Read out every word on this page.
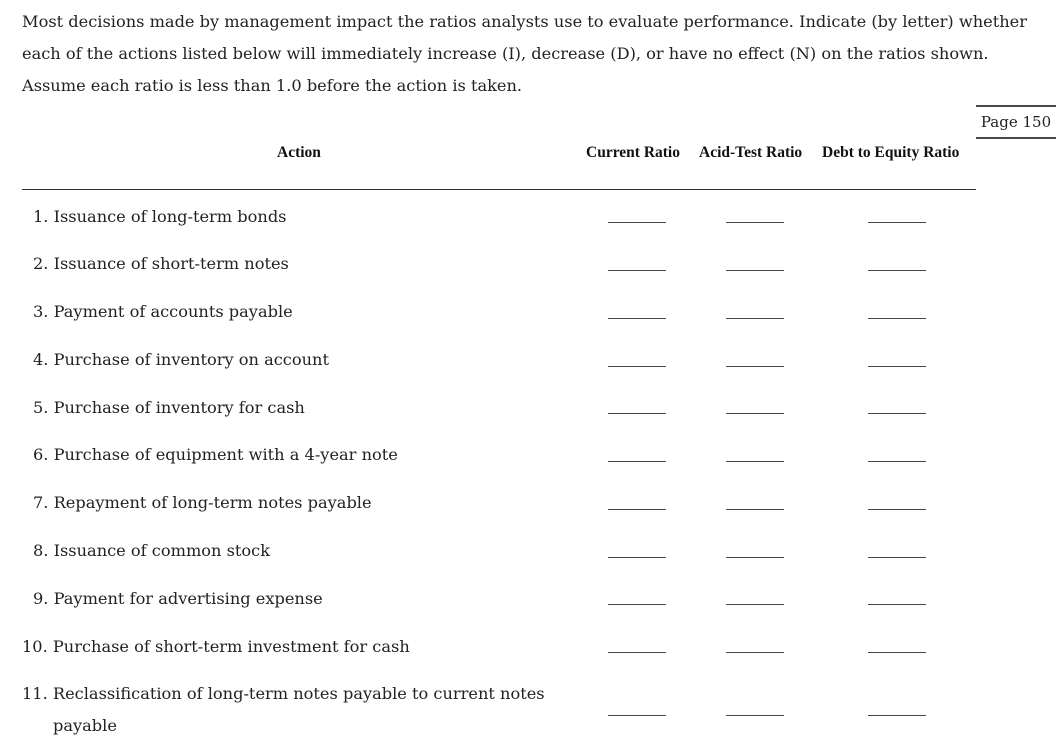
Most decisions made by management impact the ratios analysts use to evaluate performance. Indicate (by letter) whether each of the actions listed below will immediately increase (I), decrease (D), or have no effect (N) on the ratios shown. Assume each ratio is less than 1.0 before the action is taken.

Page 150
Action	Current Ratio Acid-Test Ratio Debt to Equity Ratio
1. Issuance of long-term bonds
2. Issuance of short-term notes
3. Payment of accounts payable
4. Purchase of inventory on account
5. Purchase of inventory for cash
6. Purchase of equipment with a 4-year note
7. Repayment of long-term notes payable
8. Issuance of common stock
9. Payment for advertising expense
10. Purchase of short-term investment for cash
11. Reclassification of long-term notes payable to current notes
payable
